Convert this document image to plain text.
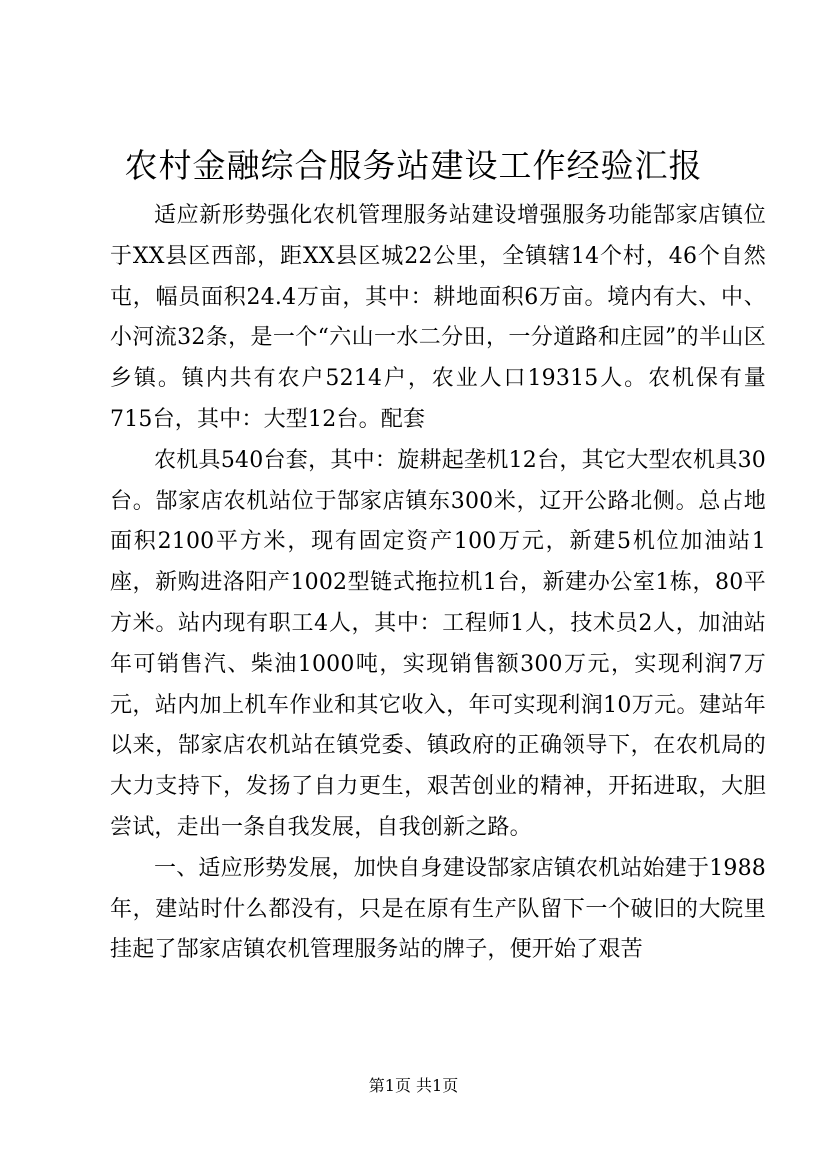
农村金融综合服务站建设工作经验汇报

适应新形势强化农机管理服务站建设增强服务功能郜家店镇位于XX县区西部，距XX县区城22公里，全镇辖14个村，46个自然屯，幅员面积24.4万亩，其中：耕地面积6万亩。境内有大、中、小河流32条，是一个“六山一水二分田，一分道路和庄园”的半山区乡镇。镇内共有农户5214户，农业人口19315人。农机保有量715台，其中：大型12台。配套

农机具540台套，其中：旋耕起垄机12台，其它大型农机具30台。郜家店农机站位于郜家店镇东300米，辽开公路北侧。总占地面积2100平方米，现有固定资产100万元，新建5机位加油站1座，新购进洛阳产1002型链式拖拉机1台，新建办公室1栋，80平方米。站内现有职工4人，其中：工程师1人，技术员2人，加油站年可销售汽、柴油1000吨，实现销售额300万元，实现利润7万元，站内加上机车作业和其它收入，年可实现利润10万元。建站年以来，郜家店农机站在镇党委、镇政府的正确领导下，在农机局的大力支持下，发扬了自力更生，艰苦创业的精神，开拓进取，大胆尝试，走出一条自我发展，自我创新之路。

一、适应形势发展，加快自身建设郜家店镇农机站始建于1988年，建站时什么都没有，只是在原有生产队留下一个破旧的大院里挂起了郜家店镇农机管理服务站的牌子，便开始了艰苦

第1页 共1页
